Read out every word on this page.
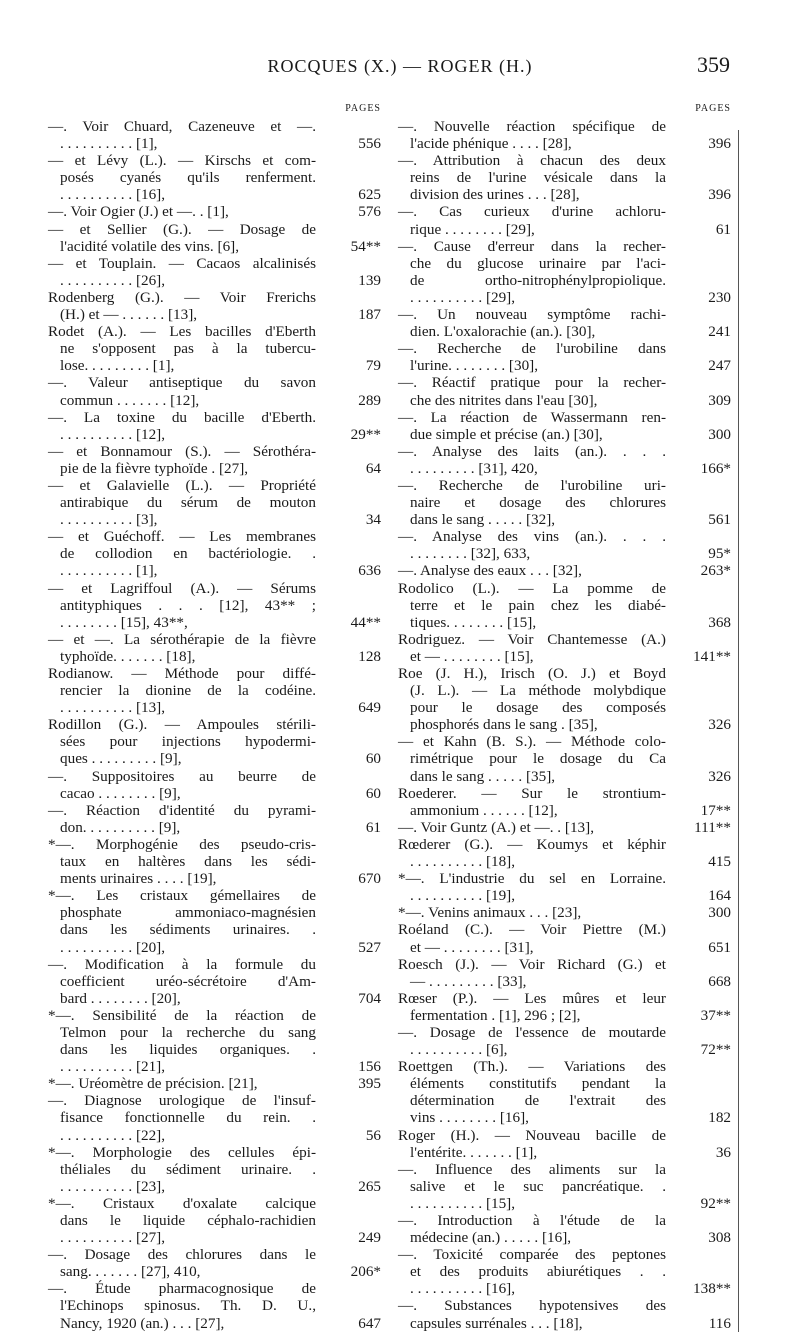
ROCQUES (X.) — ROGER (H.)	359
PAGES
—. Voir Chuard, Cazeneuve et —.
. . . . . . . . . . [1],	556
— et Lévy (L.). — Kirschs et com-
posés cyanés qu'ils renferment.
. . . . . . . . . . [16],	625
—. Voir Ogier (J.) et —. . [1],	576
— et Sellier (G.). — Dosage de
l'acidité volatile des vins. [6],	54**
— et Touplain. — Cacaos alcalinisés
. . . . . . . . . . [26],	139
Rodenberg (G.). — Voir Frerichs
(H.) et — . . . . . . [13],	187
Rodet (A.). — Les bacilles d'Eberth
ne s'opposent pas à la tubercu-
lose. . . . . . . . . [1],	79
—. Valeur antiseptique du savon
commun . . . . . . . [12],	289
—. La toxine du bacille d'Eberth.
. . . . . . . . . . [12],	29**
— et Bonnamour (S.). — Sérothéra-
pie de la fièvre typhoïde . [27],	64
— et Galavielle (L.). — Propriété
antirabique du sérum de mouton
. . . . . . . . . . [3],	34
— et Guéchoff. — Les membranes
de collodion en bactériologie. .
. . . . . . . . . . [1],	636
— et Lagriffoul (A.). — Sérums
antityphiques . . . [12], 43** ;
. . . . . . . . [15], 43**,	44**
— et —. La sérothérapie de la fièvre
typhoïde. . . . . . . [18],	128
Rodianow. — Méthode pour diffé-
rencier la dionine de la codéine.
. . . . . . . . . . [13],	649
Rodillon (G.). — Ampoules stérili-
sées pour injections hypodermi-
ques . . . . . . . . . [9],	60
—. Suppositoires au beurre de
cacao . . . . . . . . [9],	60
—. Réaction d'identité du pyrami-
don. . . . . . . . . . [9],	61
*—. Morphogénie des pseudo-cris-
taux en haltères dans les sédi-
ments urinaires . . . . [19],	670
*—. Les cristaux gémellaires de
phosphate ammoniaco-magnésien
dans les sédiments urinaires. .
. . . . . . . . . . [20],	527
—. Modification à la formule du
coefficient uréo-sécrétoire d'Am-
bard . . . . . . . . [20],	704
*—. Sensibilité de la réaction de
Telmon pour la recherche du sang
dans les liquides organiques. .
. . . . . . . . . . [21],	156
*—. Uréomètre de précision. [21],	395
—. Diagnose urologique de l'insuf-
fisance fonctionnelle du rein. .
. . . . . . . . . . [22],	56
*—. Morphologie des cellules épi-
théliales du sédiment urinaire. .
. . . . . . . . . . [23],	265
*—. Cristaux d'oxalate calcique
dans le liquide céphalo-rachidien
. . . . . . . . . . [27],	249
—. Dosage des chlorures dans le
sang. . . . . . . [27], 410,	206*
—. Étude pharmacognosique de
l'Echinops spinosus. Th. D. U.,
Nancy, 1920 (an.) . . . [27],	647
PAGES
—. Nouvelle réaction spécifique de
l'acide phénique . . . . [28],	396
—. Attribution à chacun des deux
reins de l'urine vésicale dans la
division des urines . . . [28],	396
—. Cas curieux d'urine achloru-
rique . . . . . . . . [29],	61
—. Cause d'erreur dans la recher-
che du glucose urinaire par l'aci-
de ortho-nitrophénylpropiolique.
. . . . . . . . . . [29],	230
—. Un nouveau symptôme rachi-
dien. L'oxalorachie (an.). [30],	241
—. Recherche de l'urobiline dans
l'urine. . . . . . . . [30],	247
—. Réactif pratique pour la recher-
che des nitrites dans l'eau [30],	309
—. La réaction de Wassermann ren-
due simple et précise (an.) [30],	300
—. Analyse des laits (an.). . . .
. . . . . . . . . [31], 420,	166*
—. Recherche de l'urobiline uri-
naire et dosage des chlorures
dans le sang . . . . . [32],	561
—. Analyse des vins (an.). . . .
. . . . . . . . [32], 633,	95*
—. Analyse des eaux . . . [32],	263*
Rodolico (L.). — La pomme de
terre et le pain chez les diabé-
tiques. . . . . . . . [15],	368
Rodriguez. — Voir Chantemesse (A.)
et — . . . . . . . . [15],	141**
Roe (J. H.), Irisch (O. J.) et Boyd
(J. L.). — La méthode molybdique
pour le dosage des composés
phosphorés dans le sang . [35],	326
— et Kahn (B. S.). — Méthode colo-
rimétrique pour le dosage du Ca
dans le sang . . . . . [35],	326
Roederer. — Sur le strontium-
ammonium . . . . . . [12],	17**
—. Voir Guntz (A.) et —. . [13],	111**
Rœderer (G.). — Koumys et képhir
. . . . . . . . . . [18],	415
*—. L'industrie du sel en Lorraine.
. . . . . . . . . . [19],	164
*—. Venins animaux . . . [23],	300
Roéland (C.). — Voir Piettre (M.)
et — . . . . . . . . [31],	651
Roesch (J.). — Voir Richard (G.) et
— . . . . . . . . . [33],	668
Rœser (P.). — Les mûres et leur
fermentation . [1], 296 ; [2],	37**
—. Dosage de l'essence de moutarde
. . . . . . . . . . [6],	72**
Roettgen (Th.). — Variations des
éléments constitutifs pendant la
détermination de l'extrait des
vins . . . . . . . . [16],	182
Roger (H.). — Nouveau bacille de
l'entérite. . . . . . . [1],	36
—. Influence des aliments sur la
salive et le suc pancréatique. .
. . . . . . . . . . [15],	92**
—. Introduction à l'étude de la
médecine (an.) . . . . . [16],	308
—. Toxicité comparée des peptones
et des produits abiurétiques . .
. . . . . . . . . . [16],	138**
—. Substances hypotensives des
capsules surrénales . . . [18],	116
